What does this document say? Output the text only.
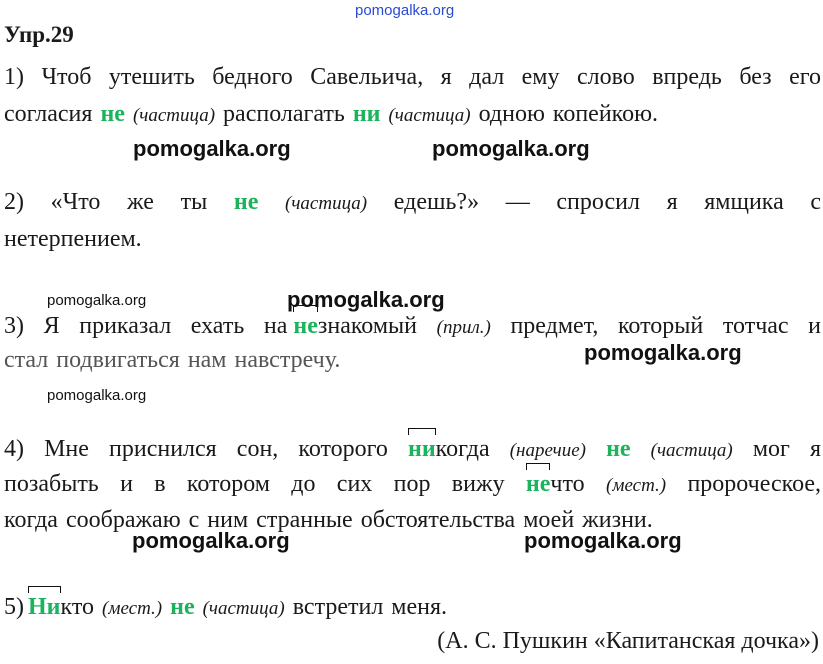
pomogalka.org
Упр.29
1) Чтоб утешить бедного Савельича, я дал ему слово впредь без его
согласия не (частица) располагать ни (частица) одною копейкою.
pomogalka.org	pomogalka.org
2) «Что же ты не (частица) едешь?» — спросил я ямщика с
нетерпением.
pomogalka.org	pomogalka.org
3) Я приказал ехать на незнакомый (прил.) предмет, который тотчас и
стал подвигаться нам навстречу.	pomogalka.org
pomogalka.org
4) Мне приснился сон, которого никогда (наречие) не (частица) мог я
позабыть и в котором до сих пор вижу нечто (мест.) пророческое,
когда соображаю с ним странные обстоятельства моей жизни.
pomogalka.org	pomogalka.org
5) Никто (мест.) не (частица) встретил меня.
(А. С. Пушкин «Капитанская дочка»)
